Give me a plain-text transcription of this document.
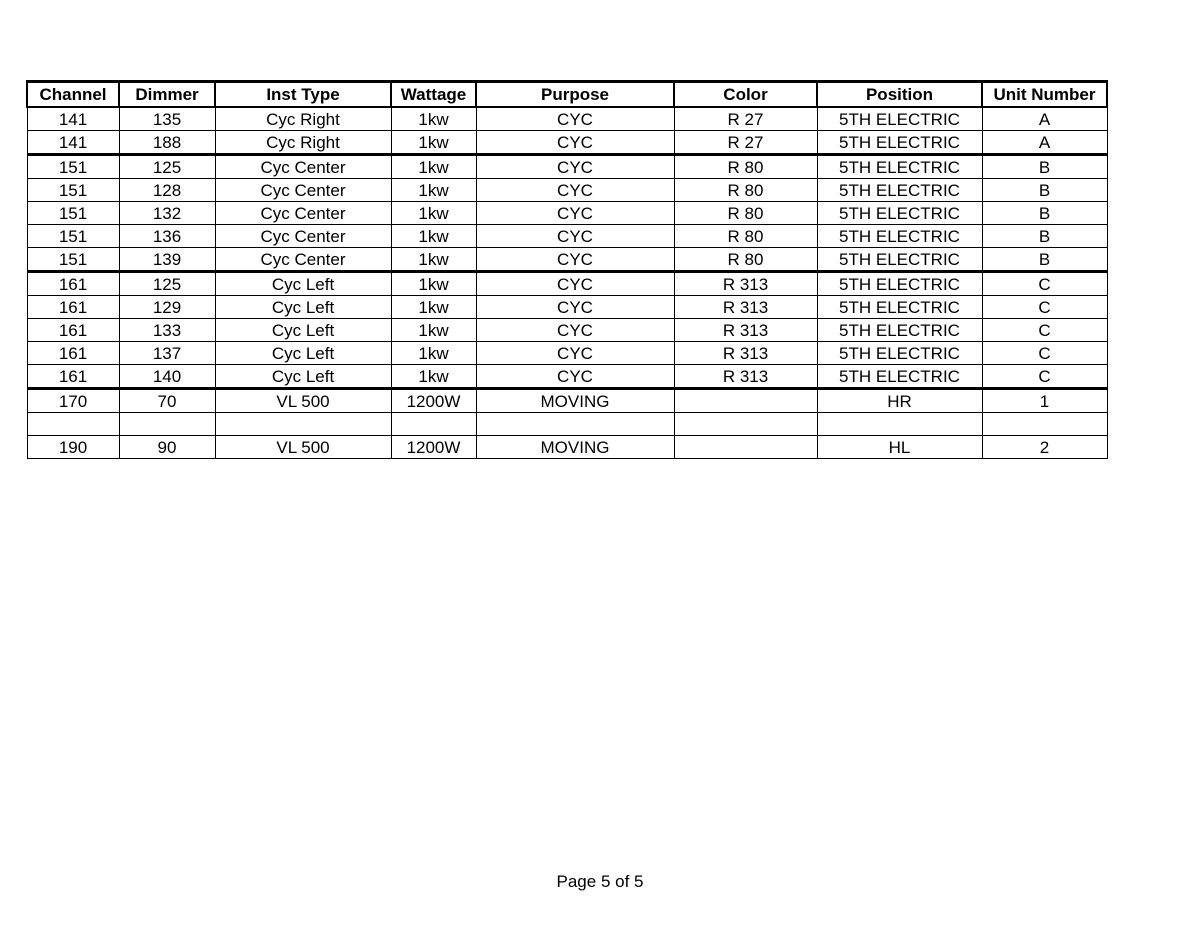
Channel	Dimmer	Inst Type	Wattage	Purpose	Color	Position	Unit Number
141	135	Cyc Right	1kw	CYC	R 27	5TH ELECTRIC	A
141	188	Cyc Right	1kw	CYC	R 27	5TH ELECTRIC	A
151	125	Cyc Center	1kw	CYC	R 80	5TH ELECTRIC	B
151	128	Cyc Center	1kw	CYC	R 80	5TH ELECTRIC	B
151	132	Cyc Center	1kw	CYC	R 80	5TH ELECTRIC	B
151	136	Cyc Center	1kw	CYC	R 80	5TH ELECTRIC	B
151	139	Cyc Center	1kw	CYC	R 80	5TH ELECTRIC	B
161	125	Cyc Left	1kw	CYC	R 313	5TH ELECTRIC	C
161	129	Cyc Left	1kw	CYC	R 313	5TH ELECTRIC	C
161	133	Cyc Left	1kw	CYC	R 313	5TH ELECTRIC	C
161	137	Cyc Left	1kw	CYC	R 313	5TH ELECTRIC	C
161	140	Cyc Left	1kw	CYC	R 313	5TH ELECTRIC	C
170	70	VL 500	1200W	MOVING		HR	1

190	90	VL 500	1200W	MOVING		HL	2
Page 5 of 5
